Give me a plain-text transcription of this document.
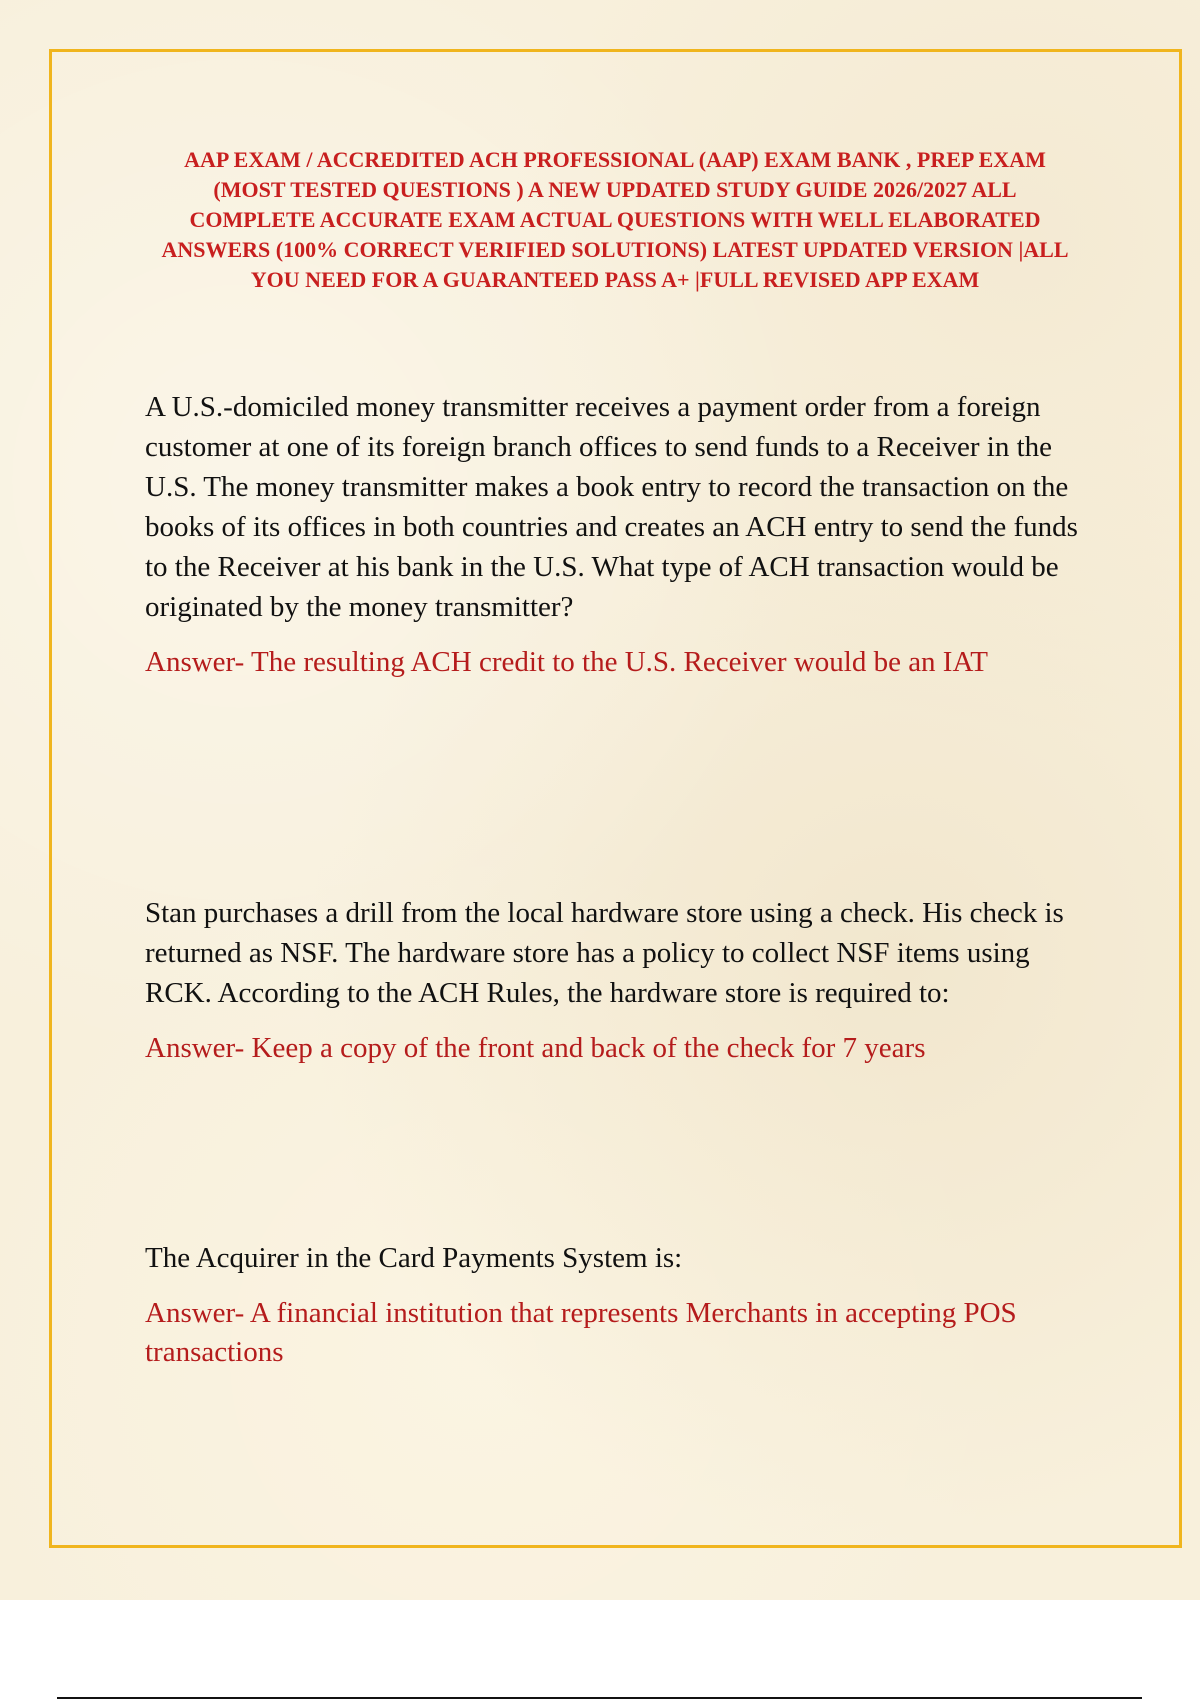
AAP EXAM / ACCREDITED ACH PROFESSIONAL (AAP) EXAM BANK , PREP EXAM (MOST TESTED QUESTIONS ) A NEW UPDATED STUDY GUIDE 2026/2027 ALL COMPLETE ACCURATE EXAM ACTUAL QUESTIONS WITH WELL ELABORATED ANSWERS (100% CORRECT VERIFIED SOLUTIONS) LATEST UPDATED VERSION |ALL YOU NEED FOR A GUARANTEED PASS A+ |FULL REVISED APP EXAM

A U.S.-domiciled money transmitter receives a payment order from a foreign customer at one of its foreign branch offices to send funds to a Receiver in the U.S. The money transmitter makes a book entry to record the transaction on the books of its offices in both countries and creates an ACH entry to send the funds to the Receiver at his bank in the U.S. What type of ACH transaction would be originated by the money transmitter?

Answer- The resulting ACH credit to the U.S. Receiver would be an IAT

Stan purchases a drill from the local hardware store using a check. His check is returned as NSF. The hardware store has a policy to collect NSF items using RCK. According to the ACH Rules, the hardware store is required to:

Answer- Keep a copy of the front and back of the check for 7 years

The Acquirer in the Card Payments System is:

Answer- A financial institution that represents Merchants in accepting POS transactions
